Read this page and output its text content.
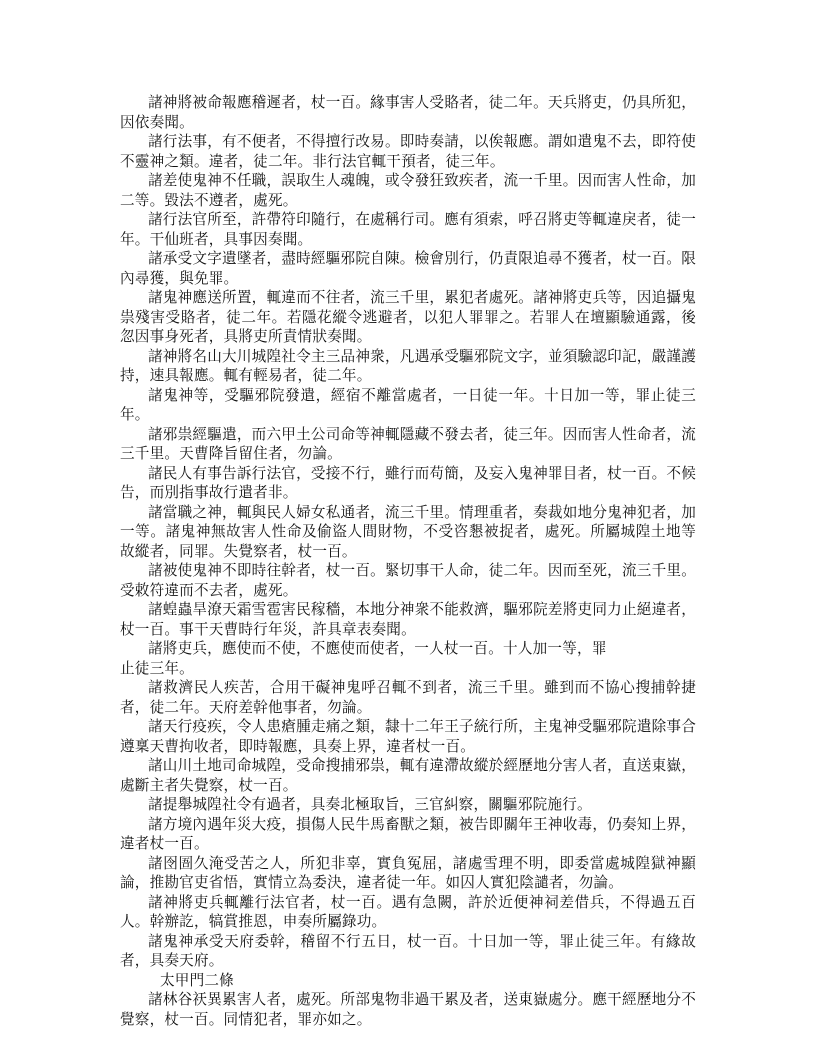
諸神將被命報應稽遲者，杖一百。緣事害人受賂者，徒二年。天兵將吏，仍具所犯，因依奏聞。

諸行法事，有不便者，不得擅行改易。即時奏請，以俟報應。謂如遣鬼不去，即符使不靈神之類。違者，徒二年。非行法官輒干預者，徒三年。

諸差使鬼神不任職，誤取生人魂魄，或令發狂致疾者，流一千里。因而害人性命，加二等。毀法不遵者，處死。

諸行法官所至，許帶符印隨行，在處稱行司。應有須索，呼召將吏等輒違戾者，徒一年。干仙班者，具事因奏聞。

諸承受文字遺墜者，盡時經驅邪院自陳。檢會別行，仍責限追尋不獲者，杖一百。限內尋獲，與免罪。

諸鬼神應送所置，輒違而不往者，流三千里，累犯者處死。諸神將吏兵等，因追攝鬼祟殘害受賂者，徒二年。若隱花縱令逃避者，以犯人罪罪之。若罪人在壇顯驗通露，後忽因事身死者，具將吏所責情狀奏聞。

諸神將名山大川城隍社令主三品神衆，凡遇承受驅邪院文字，並須驗認印記，嚴謹護持，速具報應。輒有輕易者，徒二年。

諸鬼神等，受驅邪院發遣，經宿不離當處者，一日徒一年。十日加一等，罪止徒三年。

諸邪祟經驅遣，而六甲土公司命等神輒隱藏不發去者，徒三年。因而害人性命者，流三千里。天曹降旨留住者，勿論。

諸民人有事告訴行法官，受接不行，雖行而苟簡，及妄入鬼神罪目者，杖一百。不候告，而別指事故行遣者非。

諸當職之神，輒與民人婦女私通者，流三千里。情理重者，奏裁如地分鬼神犯者，加一等。諸鬼神無故害人性命及偷盜人間財物，不受咨懇被捉者，處死。所屬城隍土地等故縱者，同罪。失覺察者，杖一百。

諸被使鬼神不即時往幹者，杖一百。緊切事干人命，徒二年。因而至死，流三千里。受敕符違而不去者，處死。

諸蝗蟲旱潦天霜雪雹害民稼穡，本地分神衆不能救濟，驅邪院差將吏同力止絕違者，杖一百。事干天曹時行年災，許具章表奏聞。

諸將吏兵，應使而不使，不應使而使者，一人杖一百。十人加一等，罪
止徒三年。

諸救濟民人疾苦，合用干礙神鬼呼召輒不到者，流三千里。雖到而不協心搜捕幹捷者，徒二年。天府差幹他事者，勿論。

諸天行疫疾，令人患瘡腫走痛之類，隸十二年王子統行所，主鬼神受驅邪院遣除事合遵稟天曹拘收者，即時報應，具奏上界，違者杖一百。

諸山川土地司命城隍，受命搜捕邪祟，輒有違滯故縱於經歷地分害人者，直送東嶽，處斷主者失覺察，杖一百。

諸提舉城隍社令有過者，具奏北極取旨，三官糾察，關驅邪院施行。

諸方境內遇年災大疫，損傷人民牛馬畜獸之類，被告即關年王神收毒，仍奏知上界，違者杖一百。

諸囹圄久淹受苦之人，所犯非辜，實負冤屈，諸處雪理不明，即委當處城隍獄神顯論，推勘官吏省悟，實情立為委決，違者徒一年。如囚人實犯陰譴者，勿論。

諸神將吏兵輒離行法官者，杖一百。遇有急闕，許於近便神祠差借兵，不得過五百人。幹辦訖，犒賞推恩，申奏所屬錄功。

諸鬼神承受天府委幹，稽留不行五日，杖一百。十日加一等，罪止徒三年。有緣故者，具奏天府。

太甲門二條

諸林谷祆異累害人者，處死。所部鬼物非過干累及者，送東嶽處分。應干經歷地分不覺察，杖一百。同情犯者，罪亦如之。
